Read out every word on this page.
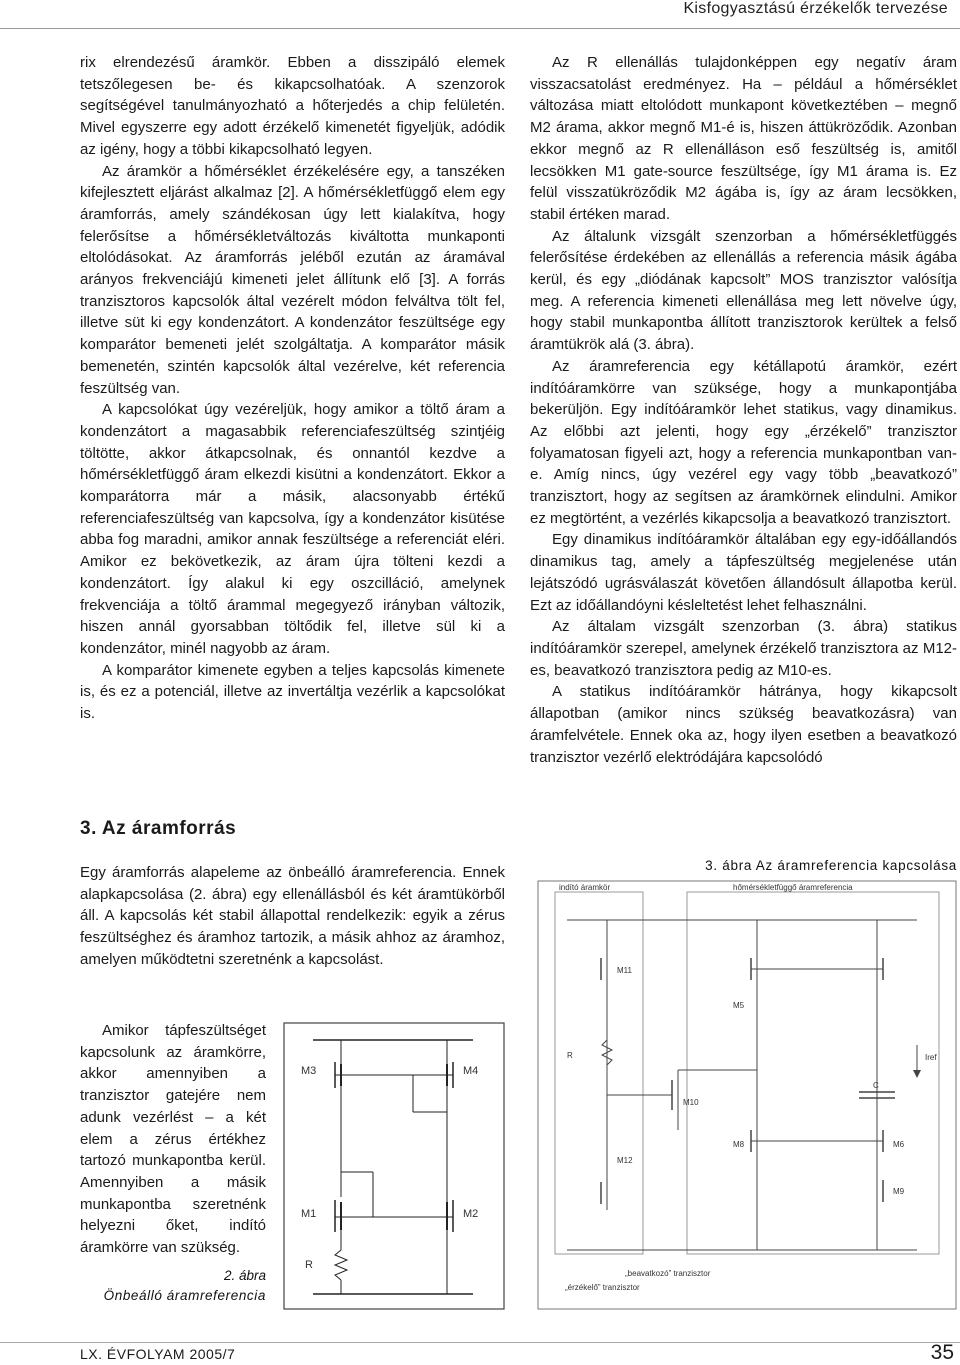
Kisfogyasztású érzékelők tervezése

rix elrendezésű áramkör. Ebben a disszipáló elemek tetszőlegesen be- és kikapcsolhatóak. A szenzorok segítségével tanulmányozható a hőterjedés a chip felületén. Mivel egyszerre egy adott érzékelő kimenetét figyeljük, adódik az igény, hogy a többi kikapcsolható legyen.

Az áramkör a hőmérséklet érzékelésére egy, a tanszéken kifejlesztett eljárást alkalmaz [2]. A hőmérsékletfüggő elem egy áramforrás, amely szándékosan úgy lett kialakítva, hogy felerősítse a hőmérsékletváltozás kiváltotta munkaponti eltolódásokat. Az áramforrás jeléből ezután az áramával arányos frekvenciájú kimeneti jelet állítunk elő [3]. A forrás tranzisztoros kapcsolók által vezérelt módon felváltva tölt fel, illetve süt ki egy kondenzátort. A kondenzátor feszültsége egy komparátor bemeneti jelét szolgáltatja. A komparátor másik bemenetén, szintén kapcsolók által vezérelve, két referencia feszültség van.

A kapcsolókat úgy vezéreljük, hogy amikor a töltő áram a kondenzátort a magasabbik referenciafeszültség szintjéig töltötte, akkor átkapcsolnak, és onnantól kezdve a hőmérsékletfüggő áram elkezdi kisütni a kondenzátort. Ekkor a komparátorra már a másik, alacsonyabb értékű referenciafeszültség van kapcsolva, így a kondenzátor kisütése abba fog maradni, amikor annak feszültsége a referenciát eléri. Amikor ez bekövetkezik, az áram újra tölteni kezdi a kondenzátort. Így alakul ki egy oszcilláció, amelynek frekvenciája a töltő árammal megegyező irányban változik, hiszen annál gyorsabban töltődik fel, illetve sül ki a kondenzátor, minél nagyobb az áram.

A komparátor kimenete egyben a teljes kapcsolás kimenete is, és ez a potenciál, illetve az invertáltja vezérlik a kapcsolókat is.

3. Az áramforrás
Egy áramforrás alapeleme az önbeálló áramreferencia. Ennek alapkapcsolása (2. ábra) egy ellenállásból és két áramtükörből áll. A kapcsolás két stabil állapottal rendelkezik: egyik a zérus feszültséghez és áramhoz tartozik, a másik ahhoz az áramhoz, amelyen működtetni szeretnénk a kapcsolást.
Amikor tápfeszültséget kapcsolunk az áramkörre, akkor amennyiben a tranzisztor gatejére nem adunk vezérlést – a két elem a zérus értékhez tartozó munkapontba kerül. Amennyiben a másik munkapontba szeretnénk helyezni őket, indító áramkörre van szükség.
M3	M4
M1	M2
R
2. ábra
Önbeálló áramreferencia

Az R ellenállás tulajdonképpen egy negatív áram visszacsatolást eredményez. Ha – például a hőmérséklet változása miatt eltolódott munkapont következtében – megnő M2 árama, akkor megnő M1-é is, hiszen áttükröződik. Azonban ekkor megnő az R ellenálláson eső feszültség is, amitől lecsökken M1 gate-source feszültsége, így M1 árama is. Ez felül visszatükröződik M2 ágába is, így az áram lecsökken, stabil értéken marad.

Az általunk vizsgált szenzorban a hőmérsékletfüggés felerősítése érdekében az ellenállás a referencia másik ágába kerül, és egy „diódának kapcsolt” MOS tranzisztor valósítja meg. A referencia kimeneti ellenállása meg lett növelve úgy, hogy stabil munkapontba állított tranzisztorok kerültek a felső áramtükrök alá (3. ábra).

Az áramreferencia egy kétállapotú áramkör, ezért indítóáramkörre van szüksége, hogy a munkapontjába bekerüljön. Egy indítóáramkör lehet statikus, vagy dinamikus. Az előbbi azt jelenti, hogy egy „érzékelő” tranzisztor folyamatosan figyeli azt, hogy a referencia munkapontban van-e. Amíg nincs, úgy vezérel egy vagy több „beavatkozó” tranzisztort, hogy az segítsen az áramkörnek elindulni. Amikor ez megtörtént, a vezérlés kikapcsolja a beavatkozó tranzisztort.

Egy dinamikus indítóáramkör általában egy egy-időállandós dinamikus tag, amely a tápfeszültség megjelenése után lejátszódó ugrásválaszát követően állandósult állapotba kerül. Ezt az időállandóyni késleltetést lehet felhasználni.

Az általam vizsgált szenzorban (3. ábra) statikus indítóáramkör szerepel, amelynek érzékelő tranzisztora az M12-es, beavatkozó tranzisztora pedig az M10-es.

A statikus indítóáramkör hátránya, hogy kikapcsolt állapotban (amikor nincs szükség beavatkozásra) van áramfelvétele. Ennek oka az, hogy ilyen esetben a beavatkozó tranzisztor vezérlő elektródájára kapcsolódó

3. ábra Az áramreferencia kapcsolása
indító áramkör	hőmérsékletfüggő áramreferencia
M11
M5
M10
M8
M12
M6
M9
R
C
Iref
„beavatkozó” tranzisztor
„érzékelő” tranzisztor
LX. ÉVFOLYAM 2005/7	35
